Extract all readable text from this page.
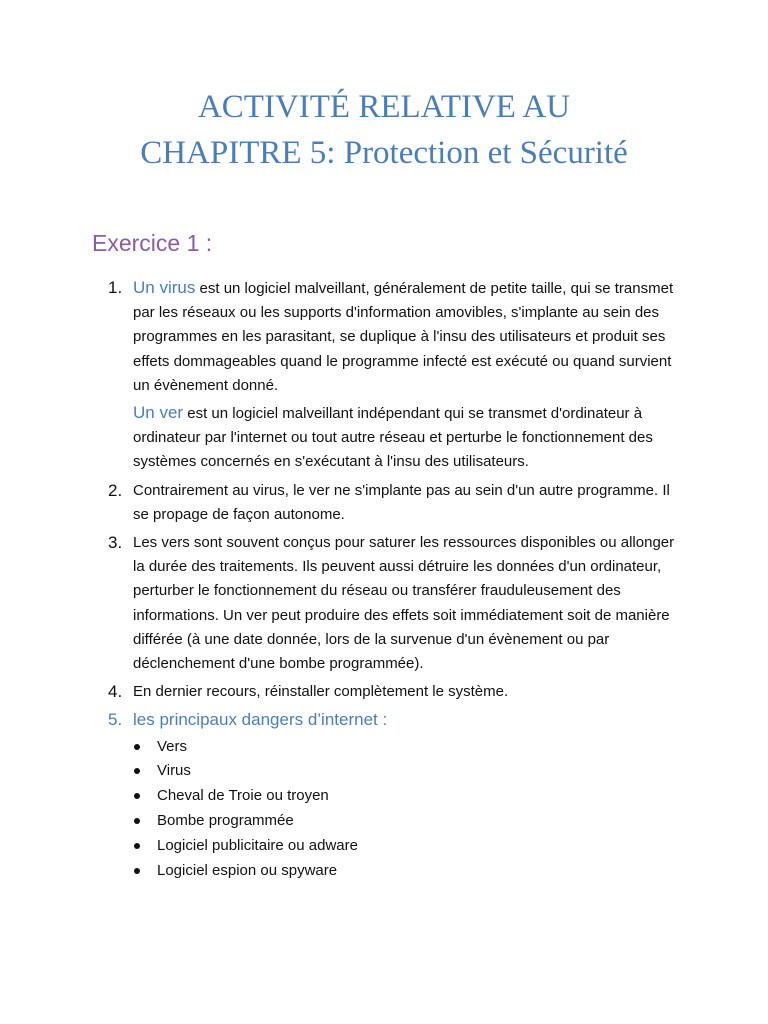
ACTIVITÉ RELATIVE AU
CHAPITRE 5: Protection et Sécurité
Exercice 1 :
1. Un virus est un logiciel malveillant, généralement de petite taille, qui se transmet par les réseaux ou les supports d'information amovibles, s'implante au sein des programmes en les parasitant, se duplique à l'insu des utilisateurs et produit ses effets dommageables quand le programme infecté est exécuté ou quand survient un évènement donné.
Un ver est un logiciel malveillant indépendant qui se transmet d'ordinateur à ordinateur par l'internet ou tout autre réseau et perturbe le fonctionnement des systèmes concernés en s'exécutant à l'insu des utilisateurs.
2. Contrairement au virus, le ver ne s'implante pas au sein d'un autre programme. Il se propage de façon autonome.
3. Les vers sont souvent conçus pour saturer les ressources disponibles ou allonger la durée des traitements. Ils peuvent aussi détruire les données d'un ordinateur, perturber le fonctionnement du réseau ou transférer frauduleusement des informations. Un ver peut produire des effets soit immédiatement soit de manière différée (à une date donnée, lors de la survenue d'un évènement ou par déclenchement d'une bombe programmée).
4. En dernier recours, réinstaller complètement le système.
5. les principaux dangers d’internet :
Vers
Virus
Cheval de Troie ou troyen
Bombe programmée
Logiciel publicitaire ou adware
Logiciel espion ou spyware
